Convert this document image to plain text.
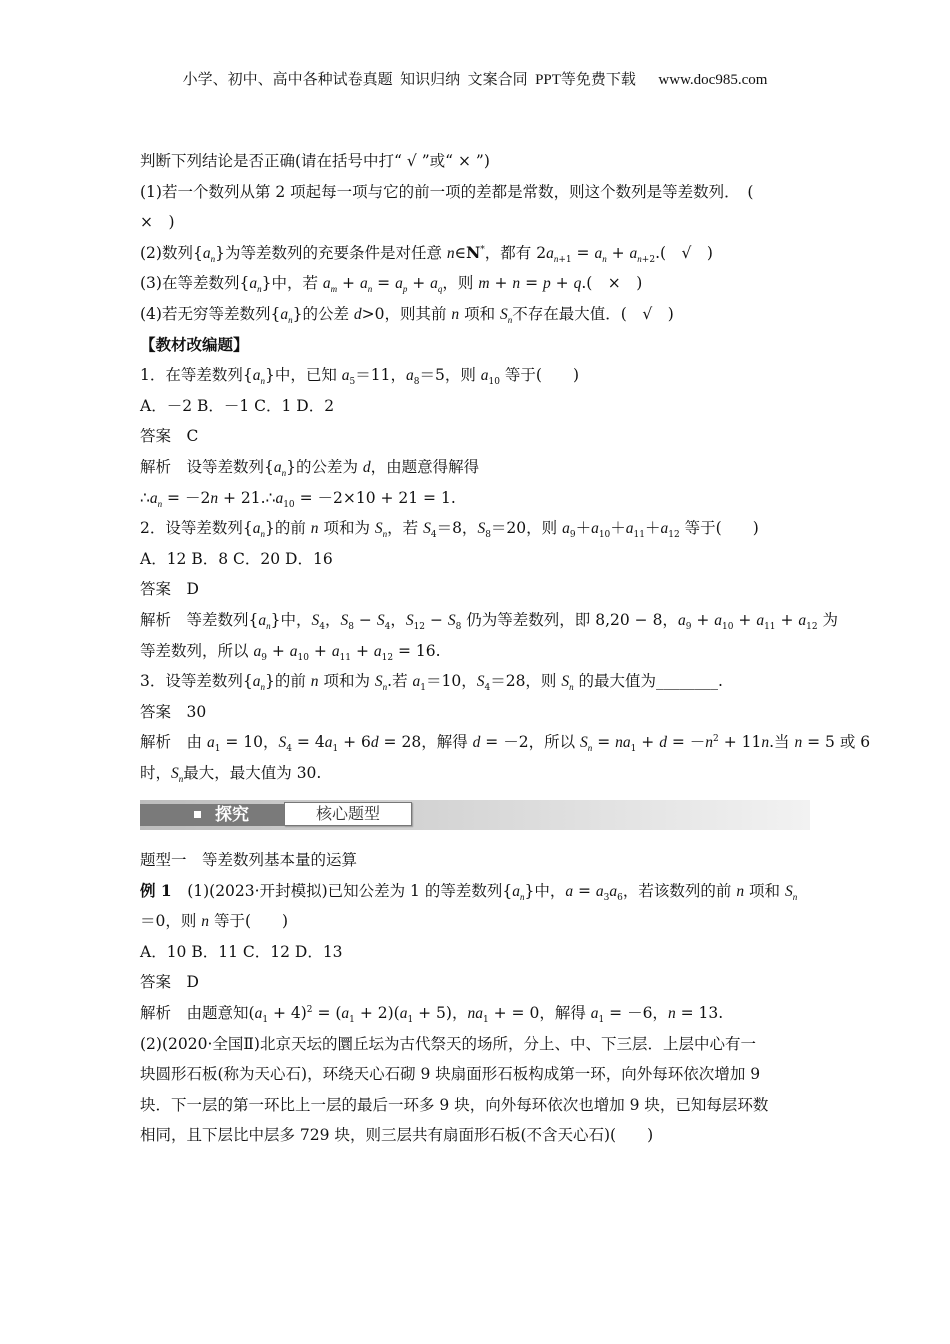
小学、初中、高中各种试卷真题  知识归纳  文案合同  PPT等免费下载      www.doc985.com
判断下列结论是否正确(请在括号中打“ √ ”或“ × ”)
(1)若一个数列从第 2 项起每一项与它的前一项的差都是常数，则这个数列是等差数列．　(
×　)
(2)数列$\{a_n\}$为等差数列的充要条件是对任意 n∈N*，都有 $2a_{n+1} = a_n + a_{n+2}$.(　√　)
(3)在等差数列$\{a_n\}$中，若 $a_m + a_n = a_p + a_q$，则 m + n = p + q.(　×　)
(4)若无穷等差数列$\{a_n\}$的公差 d>0，则其前 n 项和 $S_n$不存在最大值．(　√　)
【教材改编题】
1．在等差数列$\{a_n\}$中，已知 $a_5=11$，$a_8=5$，则 $a_{10}$ 等于(　　)
A．－2 B．－1 C．1 D．2
答案　C
解析　设等差数列$\{a_n\}$的公差为 d，由题意得解得
$\therefore a_n = -2n$ + $21.\therefore a_{10} = -2\times 10 + 21 = 1$.
2．设等差数列$\{a_n\}$的前 n 项和为 $S_n$，若 $S_4=8$，$S_8=20$，则 $a_9+a_{10}+a_{11}+a_{12}$ 等于(　　)
A．12 B．8 C．20 D．16
答案　D
解析　等差数列$\{a_n\}$中，$S_4$，$S_8 - S_4$，$S_{12} - S_8$ 仍为等差数列，即 8,20 − 8，$a_9 + a_{10} + a_{11} + a_{12}$ 为
等差数列，所以 $a_9 + a_{10} + a_{11} + a_{12} = 16$.
3．设等差数列$\{a_n\}$的前 n 项和为 $S_n$.若 $a_1=10$，$S_4=28$，则 $S_n$ 的最大值为________.
答案　30
解析　由 $a_1 = 10$，$S_4 = 4a_1 + 6d = 28$，解得 d = －2，所以 $S_n = na_1 + d = -n^2 + 11n$.当 n = 5 或 6
时，$S_n$最大，最大值为 30.
探究	核心题型
题型一　等差数列基本量的运算
例 1　(1)(2023·开封模拟)已知公差为 1 的等差数列$\{a_n\}$中，$a = a_3a_6$，若该数列的前 n 项和 $S_n$
＝0，则 n 等于(　　)
A．10 B．11 C．12 D．13
答案　D
解析　由题意知$(a_1 + 4)^2 = (a_1 + 2)(a_1 + 5)$，$na_1$ + = 0，解得 $a_1 = -6$，n = 13.
(2)(2020·全国Ⅱ)北京天坛的圜丘坛为古代祭天的场所，分上、中、下三层．上层中心有一
块圆形石板(称为天心石)，环绕天心石砌 9 块扇面形石板构成第一环，向外每环依次增加 9
块．下一层的第一环比上一层的最后一环多 9 块，向外每环依次也增加 9 块，已知每层环数
相同，且下层比中层多 729 块，则三层共有扇面形石板(不含天心石)(　　)
